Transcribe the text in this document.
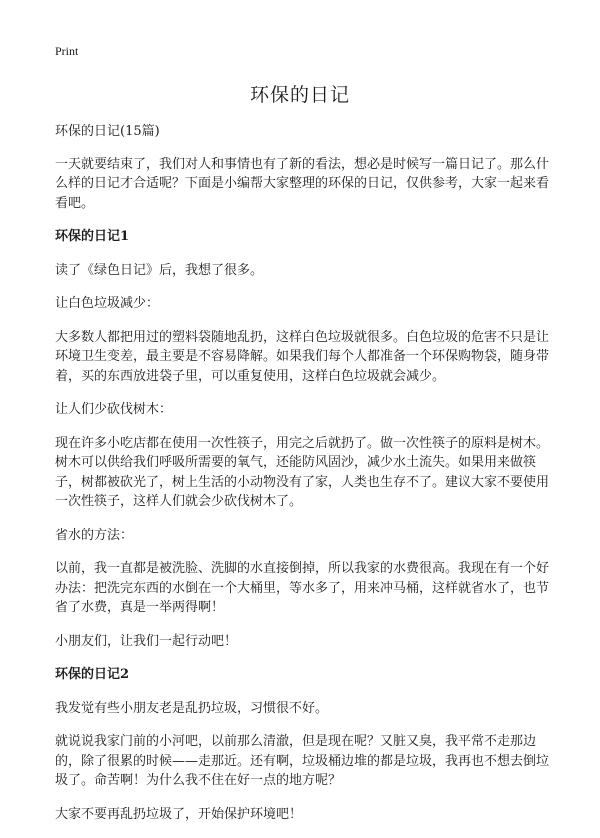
Print
环保的日记

环保的日记(15篇)

一天就要结束了，我们对人和事情也有了新的看法，想必是时候写一篇日记了。那么什么样的日记才合适呢？下面是小编帮大家整理的环保的日记，仅供参考，大家一起来看看吧。

环保的日记1

读了《绿色日记》后，我想了很多。

让白色垃圾减少：

大多数人都把用过的塑料袋随地乱扔，这样白色垃圾就很多。白色垃圾的危害不只是让环境卫生变差，最主要是不容易降解。如果我们每个人都准备一个环保购物袋，随身带着，买的东西放进袋子里，可以重复使用，这样白色垃圾就会减少。

让人们少砍伐树木：

现在许多小吃店都在使用一次性筷子，用完之后就扔了。做一次性筷子的原料是树木。树木可以供给我们呼吸所需要的氧气，还能防风固沙，减少水土流失。如果用来做筷子，树都被砍光了，树上生活的小动物没有了家，人类也生存不了。建议大家不要使用一次性筷子，这样人们就会少砍伐树木了。

省水的方法：

以前，我一直都是被洗脸、洗脚的水直接倒掉，所以我家的水费很高。我现在有一个好办法：把洗完东西的水倒在一个大桶里，等水多了，用来冲马桶，这样就省水了，也节省了水费，真是一举两得啊！

小朋友们，让我们一起行动吧！

环保的日记2

我发觉有些小朋友老是乱扔垃圾，习惯很不好。

就说说我家门前的小河吧，以前那么清澈，但是现在呢？又脏又臭，我平常不走那边的，除了很累的时候——走那近。还有啊，垃圾桶边堆的都是垃圾，我再也不想去倒垃圾了。命苦啊！为什么我不住在好一点的地方呢？

大家不要再乱扔垃圾了，开始保护环境吧！
